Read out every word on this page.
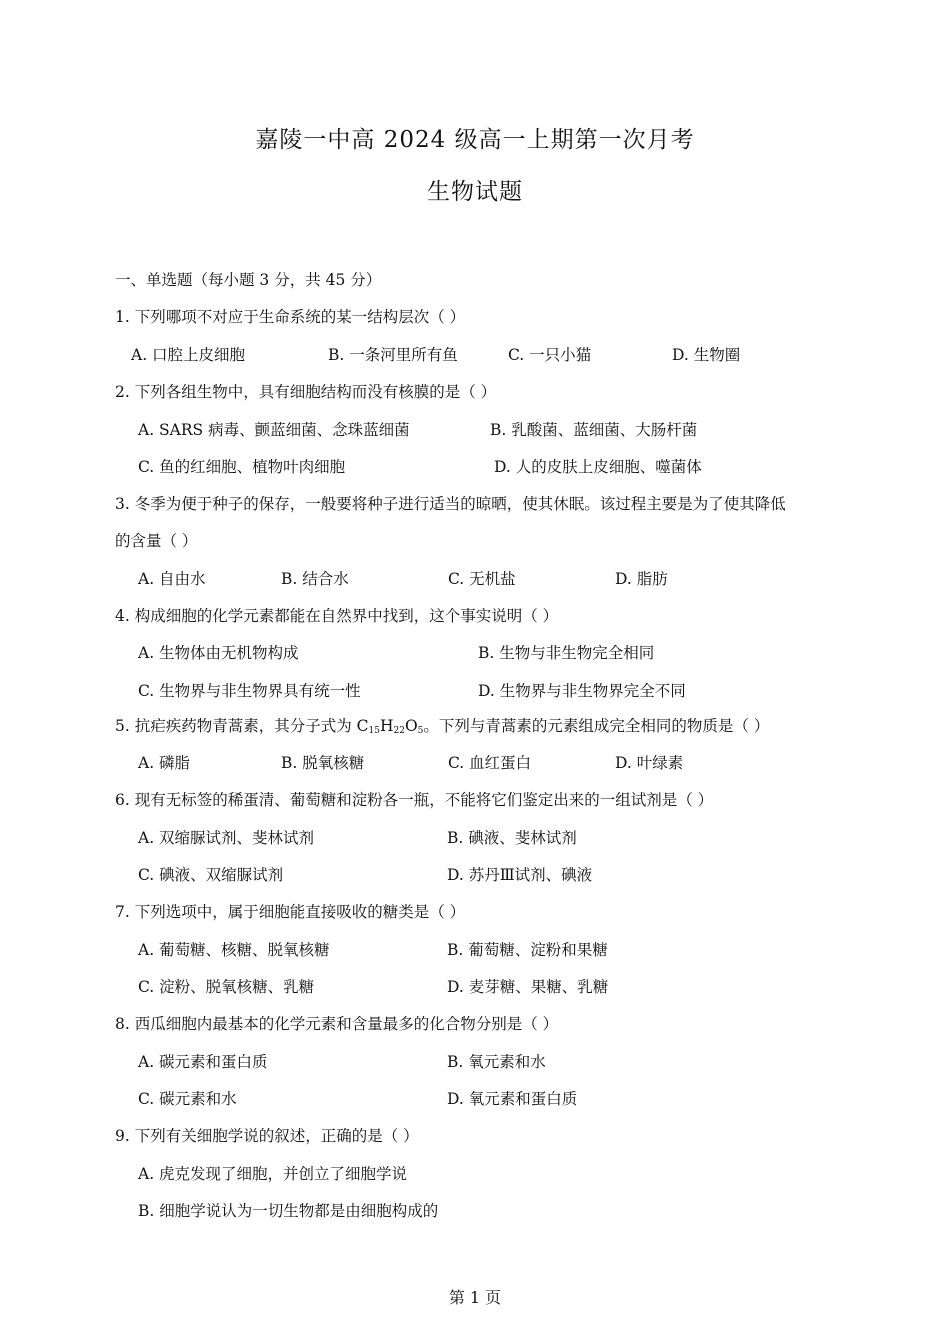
嘉陵一中高 2024 级高一上期第一次月考
生物试题
一、单选题（每小题 3 分，共 45 分）
1. 下列哪项不对应于生命系统的某一结构层次（ ）
A. 口腔上皮细胞	B. 一条河里所有鱼	C. 一只小猫	D. 生物圈
2. 下列各组生物中，具有细胞结构而没有核膜的是（ ）
A. SARS 病毒、颤蓝细菌、念珠蓝细菌	B. 乳酸菌、蓝细菌、大肠杆菌
C. 鱼的红细胞、植物叶肉细胞	D. 人的皮肤上皮细胞、噬菌体
3. 冬季为便于种子的保存，一般要将种子进行适当的晾晒，使其休眠。该过程主要是为了使其降低
的含量（ ）
A. 自由水	B. 结合水	C. 无机盐	D. 脂肪
4. 构成细胞的化学元素都能在自然界中找到，这个事实说明（ ）
A. 生物体由无机物构成	B. 生物与非生物完全相同
C. 生物界与非生物界具有统一性	D. 生物界与非生物界完全不同
5. 抗疟疾药物青蒿素，其分子式为 $C_{15}H_{22}O_5$。下列与青蒿素的元素组成完全相同的物质是（ ）
A. 磷脂	B. 脱氧核糖	C. 血红蛋白	D. 叶绿素
6. 现有无标签的稀蛋清、葡萄糖和淀粉各一瓶，不能将它们鉴定出来的一组试剂是（ ）
A. 双缩脲试剂、斐林试剂	B. 碘液、斐林试剂
C. 碘液、双缩脲试剂	D. 苏丹Ⅲ试剂、碘液
7. 下列选项中，属于细胞能直接吸收的糖类是（ ）
A. 葡萄糖、核糖、脱氧核糖	B. 葡萄糖、淀粉和果糖
C. 淀粉、脱氧核糖、乳糖	D. 麦芽糖、果糖、乳糖
8. 西瓜细胞内最基本的化学元素和含量最多的化合物分别是（ ）
A. 碳元素和蛋白质	B. 氧元素和水
C. 碳元素和水	D. 氧元素和蛋白质
9. 下列有关细胞学说的叙述，正确的是（ ）
A. 虎克发现了细胞，并创立了细胞学说
B. 细胞学说认为一切生物都是由细胞构成的
第 1 页
